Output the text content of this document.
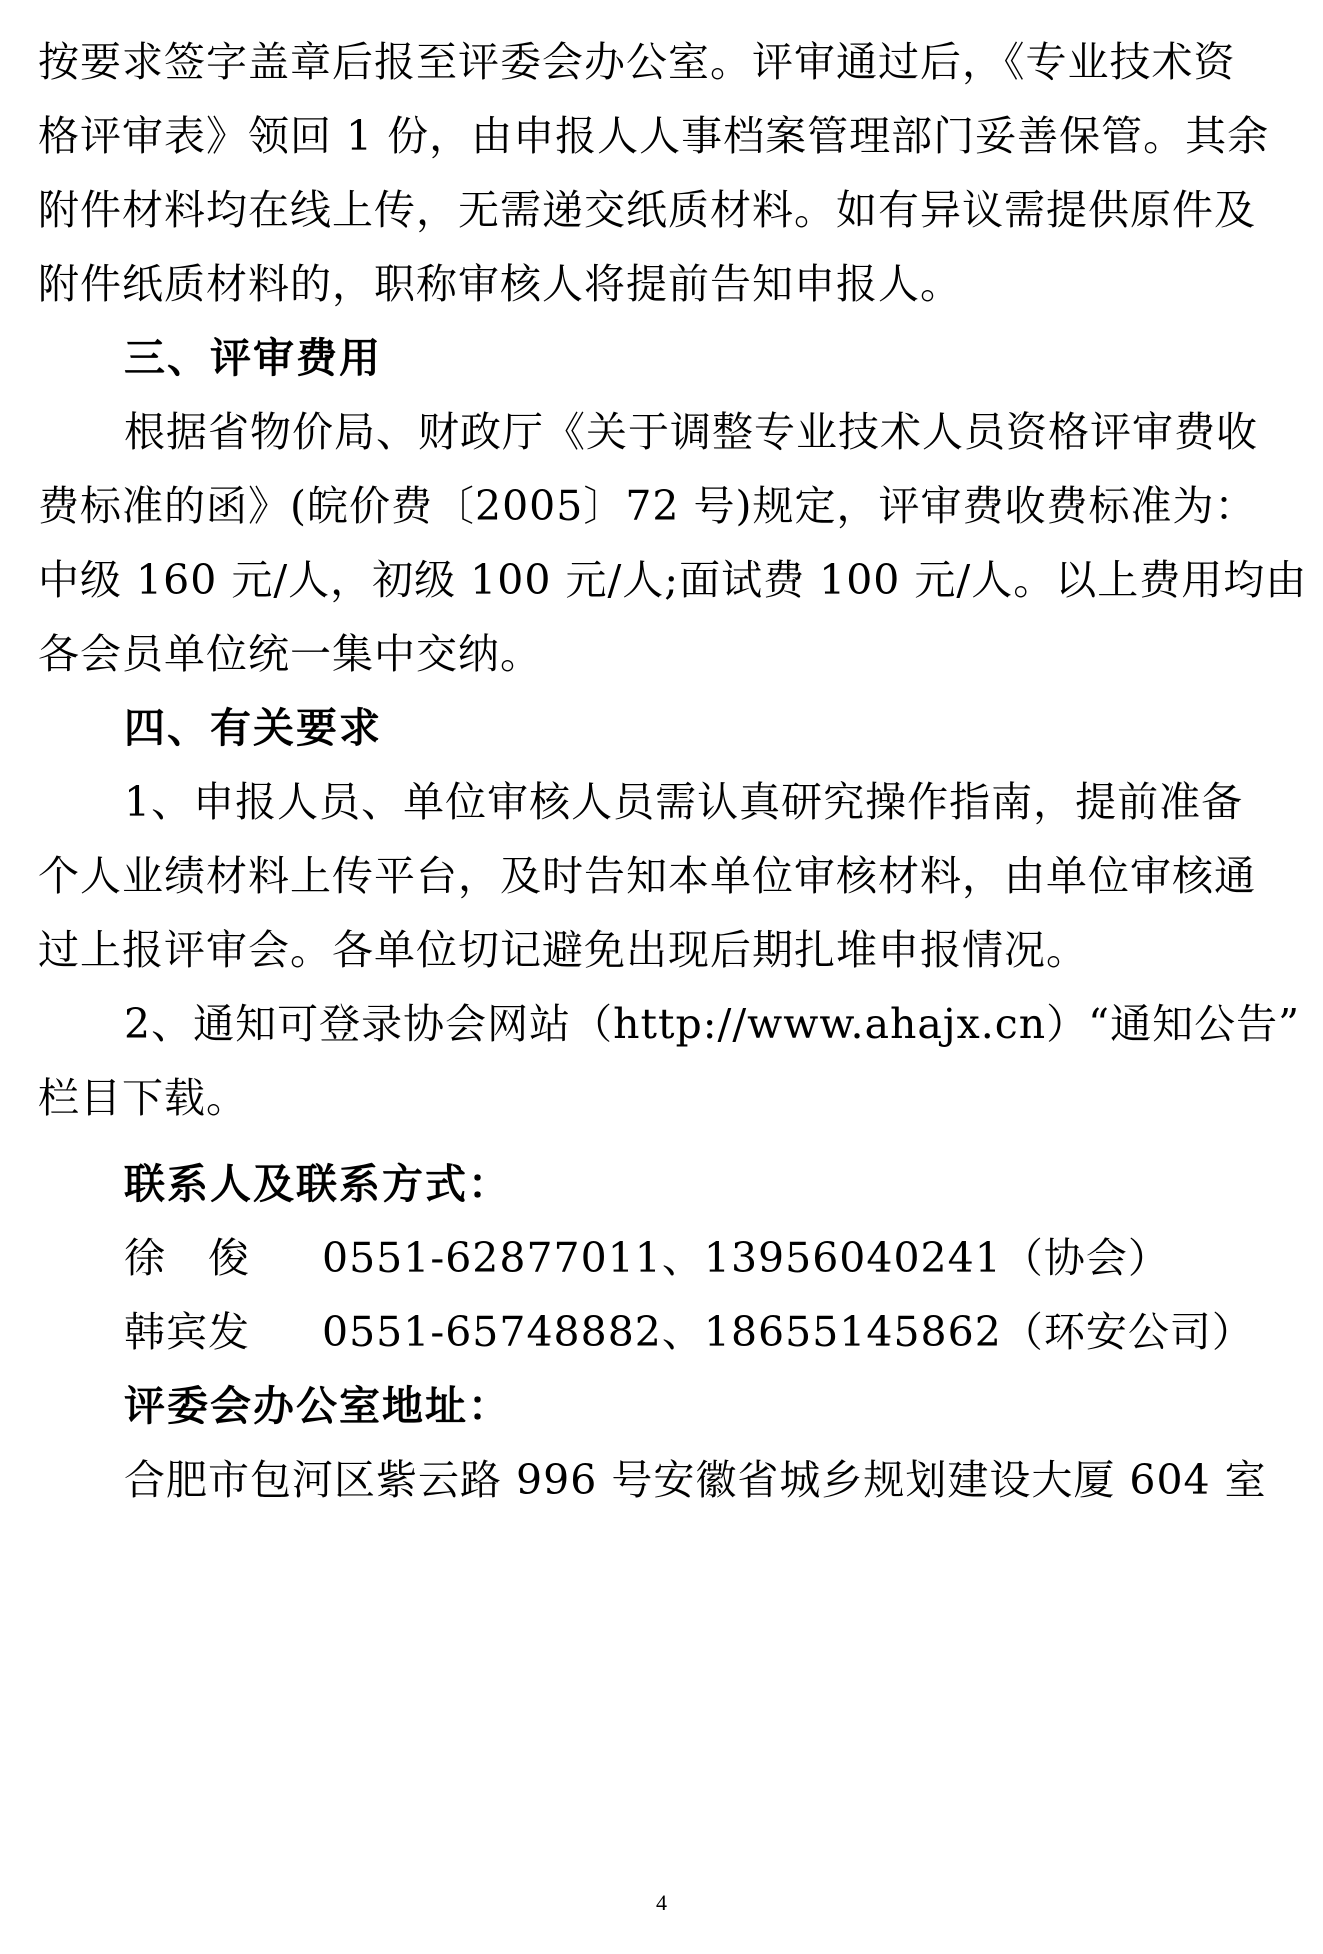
按要求签字盖章后报至评委会办公室。评审通过后，《专业技术资
格评审表》领回 1 份，由申报人人事档案管理部门妥善保管。其余
附件材料均在线上传，无需递交纸质材料。如有异议需提供原件及
附件纸质材料的，职称审核人将提前告知申报人。
三、评审费用
根据省物价局、财政厅《关于调整专业技术人员资格评审费收
费标准的函》(皖价费〔2005〕72 号)规定，评审费收费标准为：
中级 160 元/人，初级 100 元/人;面试费 100 元/人。以上费用均由
各会员单位统一集中交纳。
四、有关要求
1、申报人员、单位审核人员需认真研究操作指南，提前准备
个人业绩材料上传平台，及时告知本单位审核材料，由单位审核通
过上报评审会。各单位切记避免出现后期扎堆申报情况。
2、通知可登录协会网站（http://www.ahajx.cn）“通知公告”
栏目下载。
联系人及联系方式：
徐　俊 0551-62877011、13956040241（协会）
韩宾发 0551-65748882、18655145862（环安公司）
评委会办公室地址：
合肥市包河区紫云路 996 号安徽省城乡规划建设大厦 604 室
4
